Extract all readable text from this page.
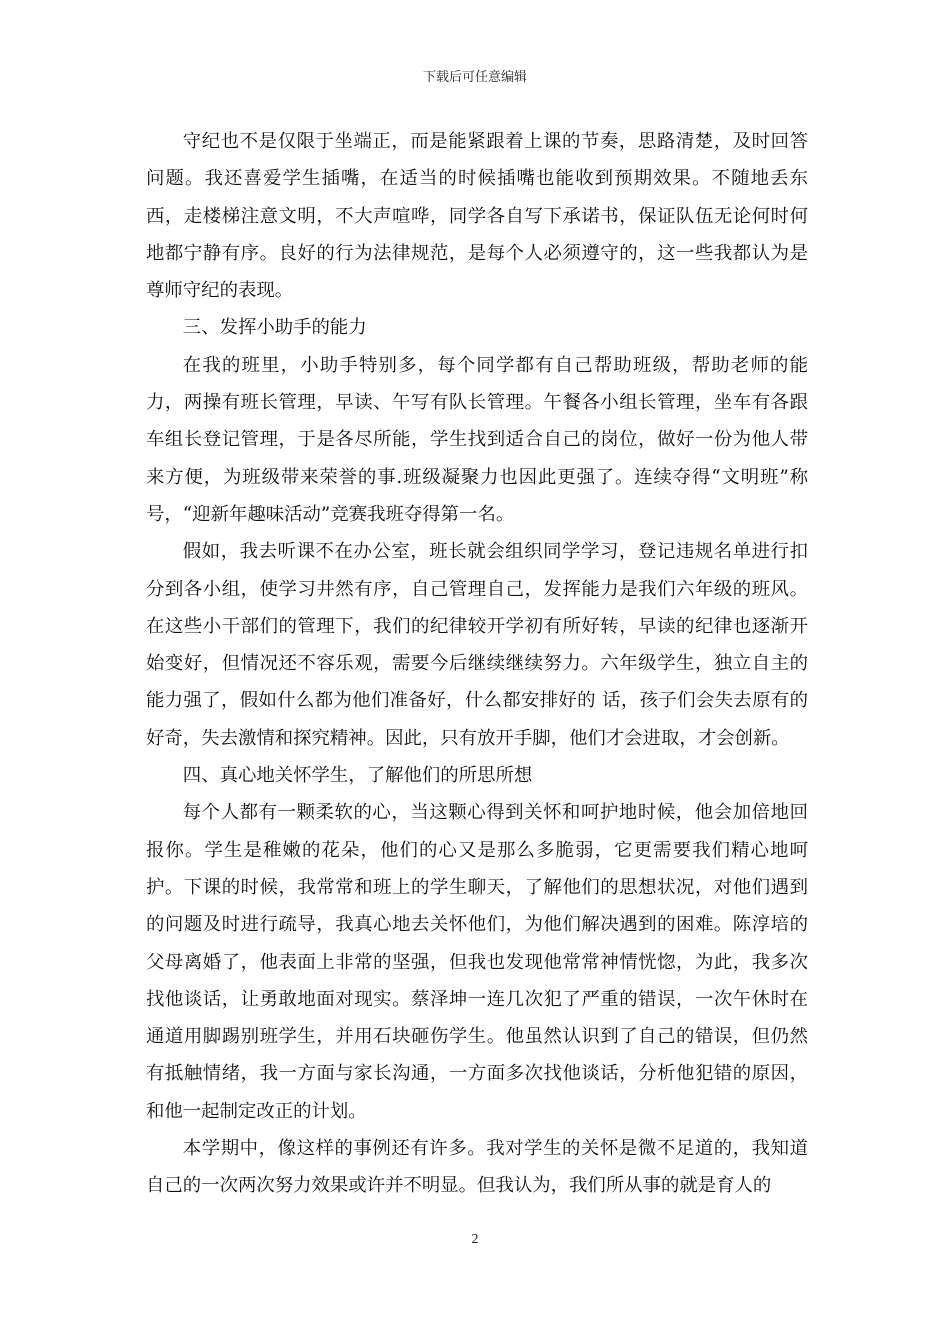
下载后可任意编辑

守纪也不是仅限于坐端正，而是能紧跟着上课的节奏，思路清楚，及时回答问题。我还喜爱学生插嘴，在适当的时候插嘴也能收到预期效果。不随地丢东西，走楼梯注意文明，不大声喧哗，同学各自写下承诺书，保证队伍无论何时何地都宁静有序。良好的行为法律规范，是每个人必须遵守的，这一些我都认为是尊师守纪的表现。

三、发挥小助手的能力

在我的班里，小助手特别多，每个同学都有自己帮助班级，帮助老师的能力，两操有班长管理，早读、午写有队长管理。午餐各小组长管理，坐车有各跟车组长登记管理，于是各尽所能，学生找到适合自己的岗位，做好一份为他人带来方便，为班级带来荣誉的事.班级凝聚力也因此更强了。连续夺得“文明班”称号，“迎新年趣味活动”竞赛我班夺得第一名。

假如，我去听课不在办公室，班长就会组织同学学习，登记违规名单进行扣分到各小组，使学习井然有序，自己管理自己，发挥能力是我们六年级的班风。在这些小干部们的管理下，我们的纪律较开学初有所好转，早读的纪律也逐渐开始变好，但情况还不容乐观，需要今后继续继续努力。六年级学生，独立自主的能力强了，假如什么都为他们准备好，什么都安排好的 话，孩子们会失去原有的好奇，失去激情和探究精神。因此，只有放开手脚，他们才会进取，才会创新。

四、真心地关怀学生，了解他们的所思所想

每个人都有一颗柔软的心，当这颗心得到关怀和呵护地时候，他会加倍地回报你。学生是稚嫩的花朵，他们的心又是那么多脆弱，它更需要我们精心地呵护。下课的时候，我常常和班上的学生聊天，了解他们的思想状况，对他们遇到的问题及时进行疏导，我真心地去关怀他们，为他们解决遇到的困难。陈淳培的父母离婚了，他表面上非常的坚强，但我也发现他常常神情恍惚，为此，我多次找他谈话，让勇敢地面对现实。蔡泽坤一连几次犯了严重的错误，一次午休时在通道用脚踢别班学生，并用石块砸伤学生。他虽然认识到了自己的错误，但仍然有抵触情绪，我一方面与家长沟通，一方面多次找他谈话，分析他犯错的原因，和他一起制定改正的计划。

本学期中，像这样的事例还有许多。我对学生的关怀是微不足道的，我知道自己的一次两次努力效果或许并不明显。但我认为，我们所从事的就是育人的

2
